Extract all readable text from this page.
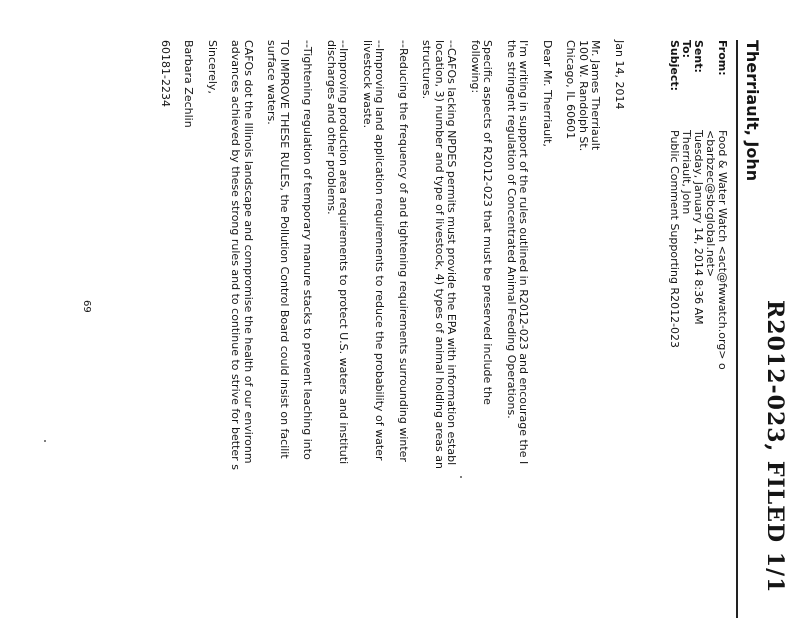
R2012-023, FILED 1/1
Therriault, John
From:
Food & Water Watch <act@fwwatch.org> o
<barbzec@sbcglobal.net>
Sent:
Tuesday, January 14, 2014 8:36 AM
To:
Therriault, John
Subject:
Public Comment Supporting R2012-023

Jan 14, 2014

Mr. James Therriault

100 W. Randolph St.

Chicago, IL 60601

Dear Mr. Therriault,

I'm writing in support of the rules outlined in R2012-023 and encourage the I
the stringent regulation of Concentrated Animal Feeding Operations.

Specific aspects of R2012-023 that must be preserved include the
following:

--CAFOs lacking NPDES permits must provide the EPA with information establ
location, 3) number and type of livestock, 4) types of animal holding areas an
structures.

--Reducing the frequency of and tightening requirements surrounding winter

--Improving land application requirements to reduce the probability of water
livestock waste.

--Improving production area requirements to protect U.S. waters and instituti
discharges and other problems.

--Tightening regulation of temporary manure stacks to prevent leaching into

TO IMPROVE THESE RULES, the Pollution Control Board could insist on facilit
surface waters.

CAFOs dot the Illinois landscape and compromise the health of our environm
advances achieved by these strong rules and to continue to strive for better s

Sincerely,

Barbara Zechlin

60181-2234

69
